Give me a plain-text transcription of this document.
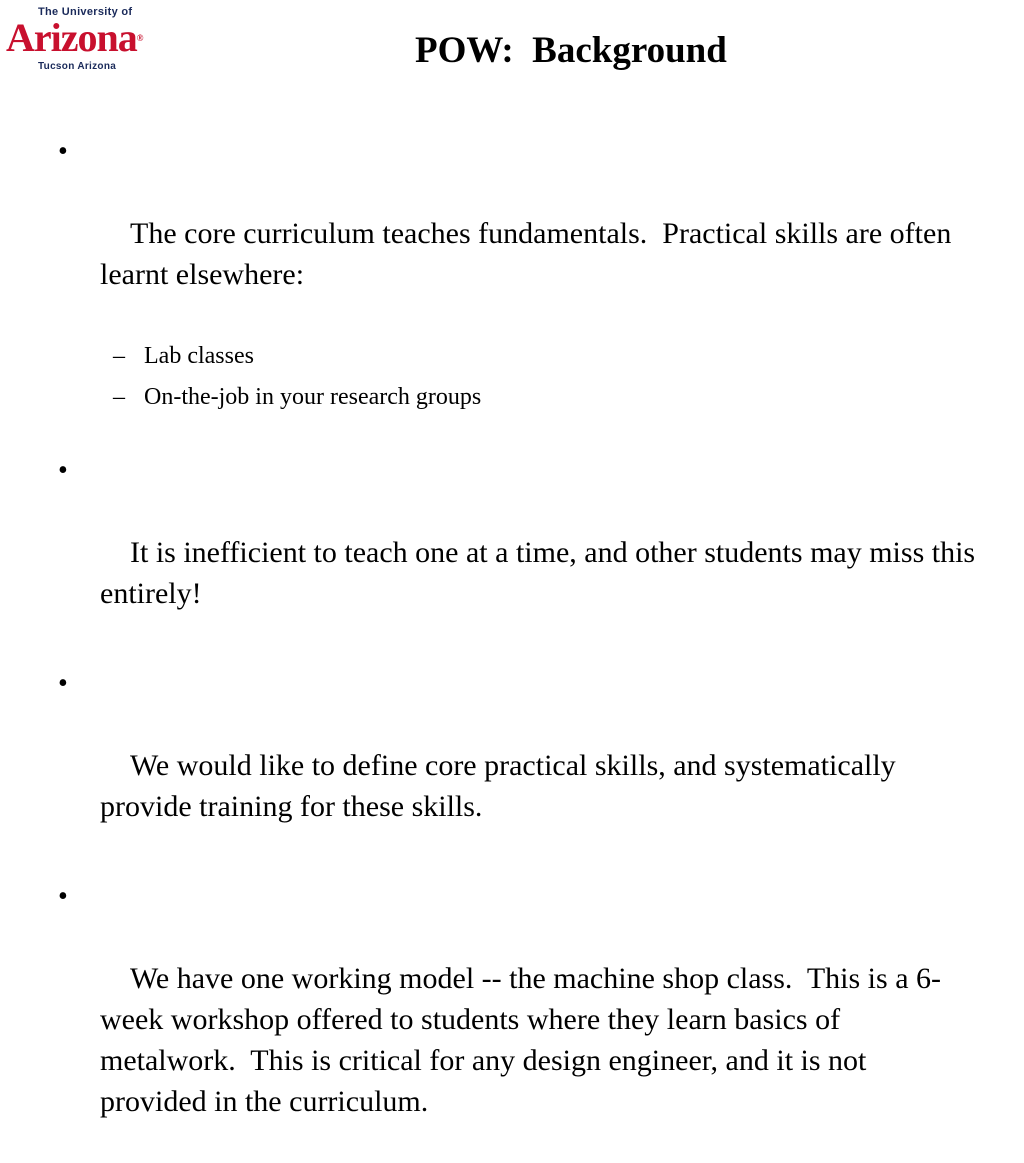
The University of
Arizona®
Tucson Arizona	POW:  Background

•

The core curriculum teaches fundamentals.  Practical skills are often learnt elsewhere:

– Lab classes
– On-the-job in your research groups

•

It is inefficient to teach one at a time, and other students may miss this entirely!

•

We would like to define core practical skills, and systematically provide training for these skills.

•

We have one working model -- the machine shop class.  This is a 6-week workshop offered to students where they learn basics of metalwork.  This is critical for any design engineer, and it is not provided in the curriculum.
